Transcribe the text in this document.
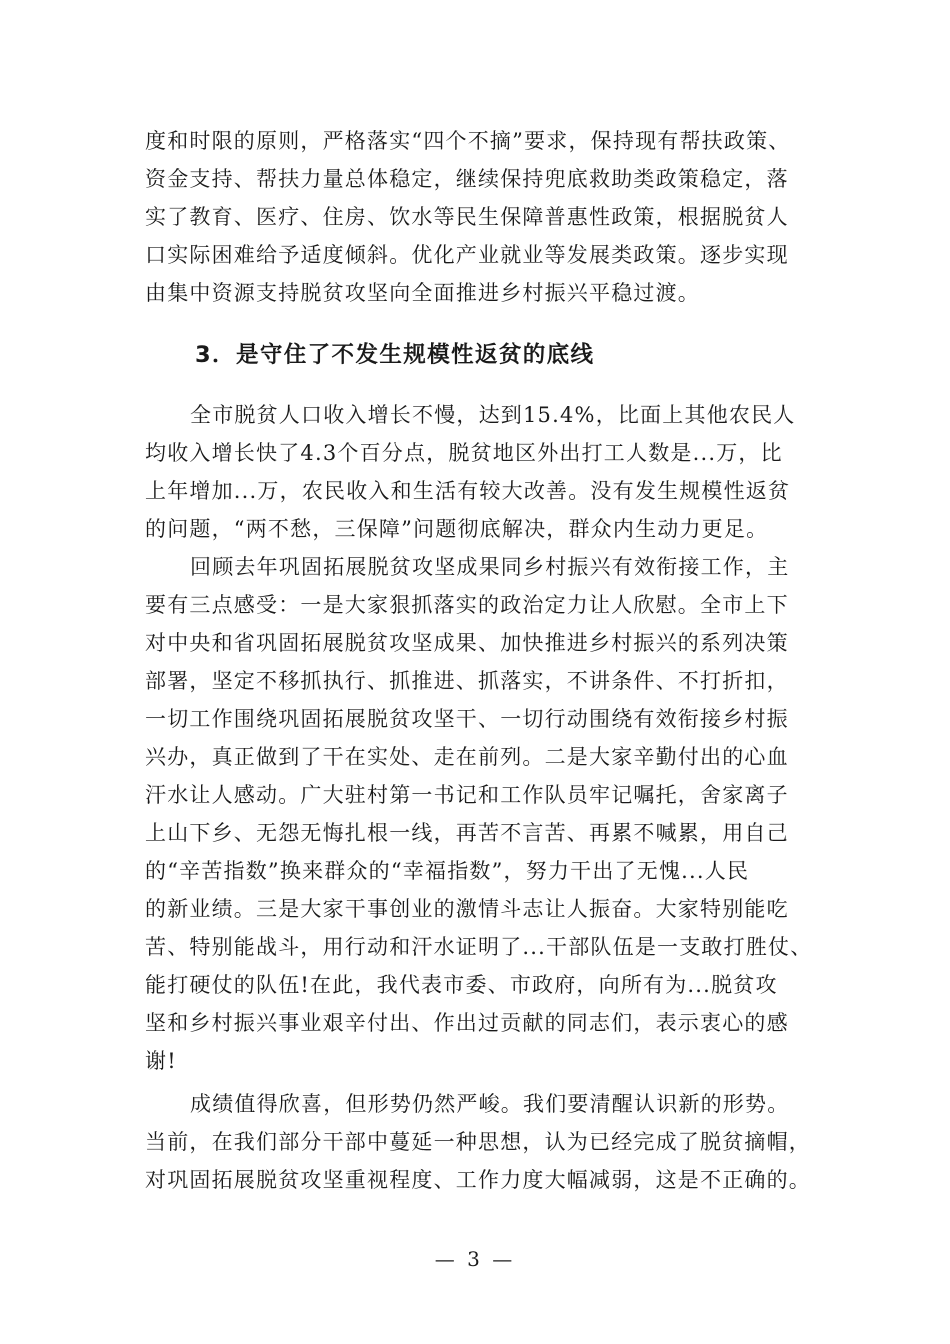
度和时限的原则，严格落实“四个不摘”要求，保持现有帮扶政策、
资金支持、帮扶力量总体稳定，继续保持兜底救助类政策稳定，落
实了教育、医疗、住房、饮水等民生保障普惠性政策，根据脱贫人
口实际困难给予适度倾斜。优化产业就业等发展类政策。逐步实现
由集中资源支持脱贫攻坚向全面推进乡村振兴平稳过渡。
3．是守住了不发生规模性返贫的底线
全市脱贫人口收入增长不慢，达到15.4%，比面上其他农民人
均收入增长快了4.3个百分点，脱贫地区外出打工人数是...万，比
上年增加...万，农民收入和生活有较大改善。没有发生规模性返贫
的问题，“两不愁，三保障”问题彻底解决，群众内生动力更足。
回顾去年巩固拓展脱贫攻坚成果同乡村振兴有效衔接工作，主
要有三点感受：一是大家狠抓落实的政治定力让人欣慰。全市上下
对中央和省巩固拓展脱贫攻坚成果、加快推进乡村振兴的系列决策
部署，坚定不移抓执行、抓推进、抓落实，不讲条件、不打折扣，
一切工作围绕巩固拓展脱贫攻坚干、一切行动围绕有效衔接乡村振
兴办，真正做到了干在实处、走在前列。二是大家辛勤付出的心血
汗水让人感动。广大驻村第一书记和工作队员牢记嘱托，舍家离子
上山下乡、无怨无悔扎根一线，再苦不言苦、再累不喊累，用自己
的“辛苦指数”换来群众的“幸福指数”，努力干出了无愧...人民
的新业绩。三是大家干事创业的激情斗志让人振奋。大家特别能吃
苦、特别能战斗，用行动和汗水证明了...干部队伍是一支敢打胜仗、
能打硬仗的队伍!在此，我代表市委、市政府，向所有为...脱贫攻
坚和乡村振兴事业艰辛付出、作出过贡献的同志们，表示衷心的感
谢!
成绩值得欣喜，但形势仍然严峻。我们要清醒认识新的形势。
当前，在我们部分干部中蔓延一种思想，认为已经完成了脱贫摘帽，
对巩固拓展脱贫攻坚重视程度、工作力度大幅减弱，这是不正确的。
— 3 —
